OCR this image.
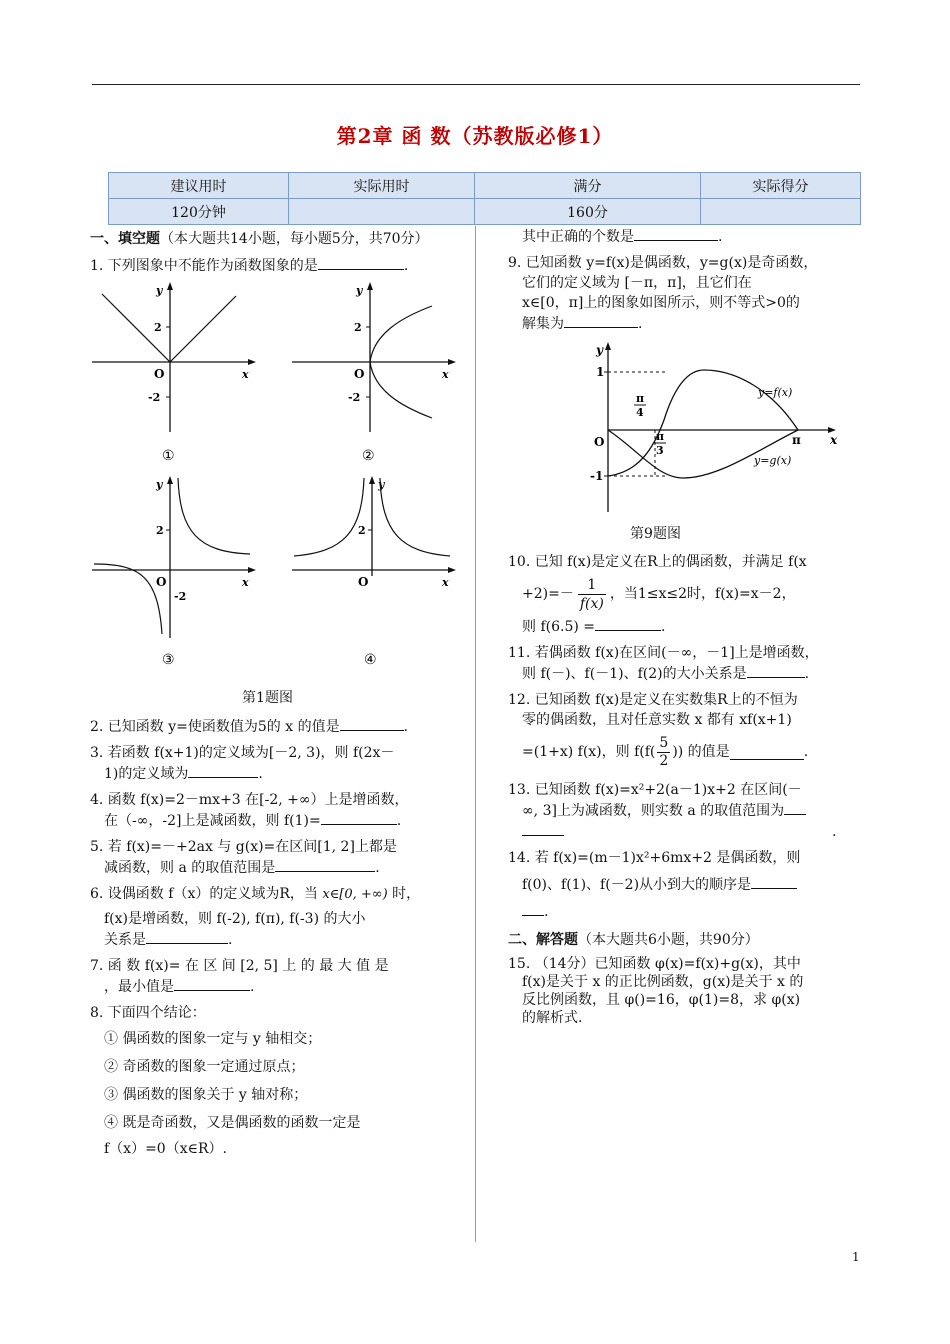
第2章 函 数（苏教版必修1）
建议用时	实际用时	满分	实际得分
120分钟		160分	
一、填空题（本大题共14小题，每小题5分，共70分）
1. 下列图象中不能作为函数图象的是	.
y
x
O
2
-2
①
y
x
O
2
-2
②
y
x
O
2
-2
③
y
x
O
2
④
第1题图
2. 已知函数 y=使函数值为5的 x 的值是	.
3. 若函数 f(x+1)的定义域为[－2, 3)，则 f(2x－
1)的定义域为	.
4. 函数 f(x)=2－mx+3 在[-2, +∞）上是增函数，
在（-∞，-2]上是减函数，则 f(1)=	.
5. 若 f(x)=－+2ax 与 g(x)=在区间[1, 2]上都是
减函数，则 a 的取值范围是	.
6. 设偶函数 f（x）的定义域为R，当 x∈[0, +∞) 时，
f(x)是增函数，则 f(-2), f(π), f(-3) 的大小
关系是	.
7. 函 数 f(x)= 在 区 间 [2, 5] 上 的 最 大 值 是
，最小值是	.
8. 下面四个结论：
① 偶函数的图象一定与 y 轴相交；
② 奇函数的图象一定通过原点；
③ 偶函数的图象关于 y 轴对称；
④ 既是奇函数，又是偶函数的函数一定是
f（x）=0（x∈R）.
其中正确的个数是	.
9. 已知函数 y=f(x)是偶函数，y=g(x)是奇函数，
它们的定义域为 [－π，π]，且它们在
x∈[0，π]上的图象如图所示，则不等式>0的
解集为	.
y
x
O
1
-1
π
π
4
π
3
y=f(x)
y=g(x)
第9题图
10. 已知 f(x)是定义在R上的偶函数，并满足 f(x
+2)=－
1
f(x)
，当1≤x≤2时，f(x)=x－2，
则 f(6.5) =	.
11. 若偶函数 f(x)在区间(－∞，－1]上是增函数，
则 f(－)、f(－1)、f(2)的大小关系是	.
12. 已知函数 f(x)是定义在实数集R上的不恒为
零的偶函数，且对任意实数 x 都有 xf(x+1)
=(1+x) f(x)，则 f(f(
5
2
)) 的值是	.
13. 已知函数 f(x)=x²+2(a－1)x+2 在区间(－
∞, 3]上为减函数，则实数 a 的取值范围为
.
14. 若 f(x)=(m－1)x²+6mx+2 是偶函数，则
f(0)、f(1)、f(－2)从小到大的顺序是
.
二、解答题（本大题共6小题，共90分）
15. （14分）已知函数 φ(x)=f(x)+g(x)，其中
f(x)是关于 x 的正比例函数，g(x)是关于 x 的
反比例函数，且 φ()=16，φ(1)=8，求 φ(x)
的解析式.
1
